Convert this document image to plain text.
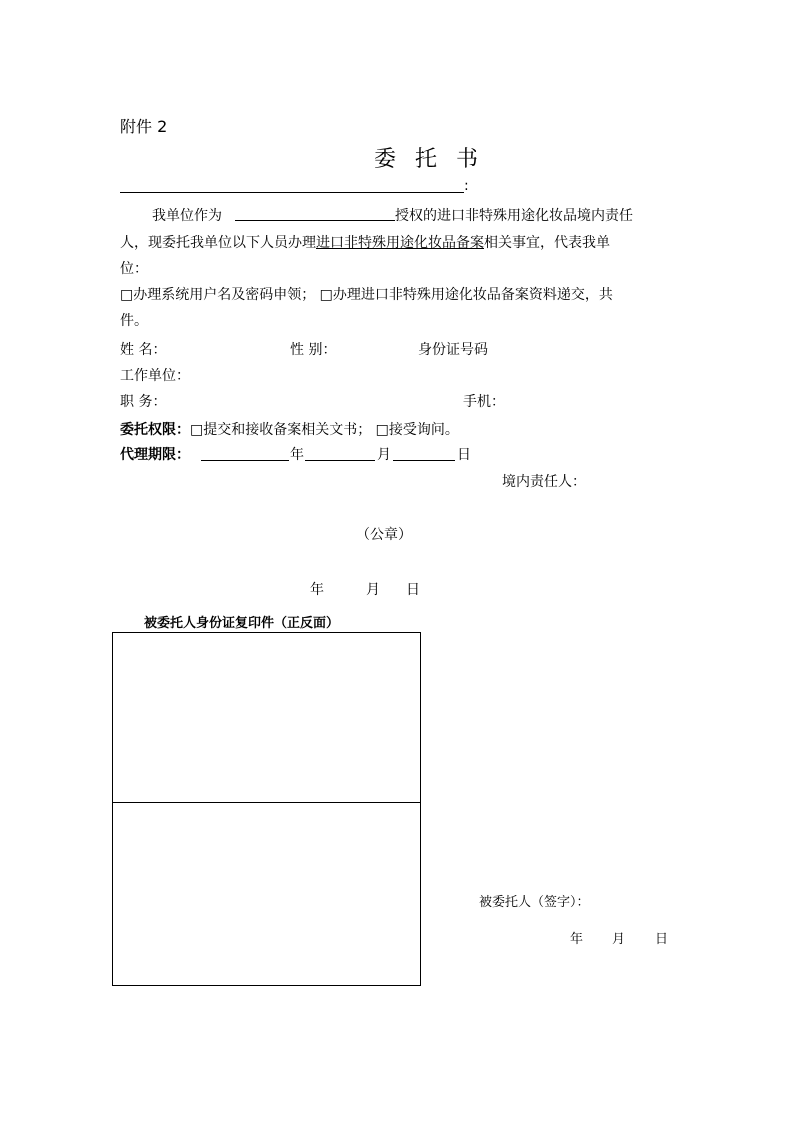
附件 2
委 托 书
:
我单位作为	授权的进口非特殊用途化妆品境内责任
人，现委托我单位以下人员办理进口非特殊用途化妆品备案相关事宜，代表我单
位：
□办理系统用户名及密码申领； □办理进口非特殊用途化妆品备案资料递交，共
件。
姓 名：	性 别：	身份证号码
工作单位：
职 务：	手机：
委托权限：□提交和接收备案相关文书； □接受询问。
代理期限：	年	月	日
境内责任人：
（公章）
年	月 日
被委托人身份证复印件（正反面）
被委托人（签字）：
年 月 日
